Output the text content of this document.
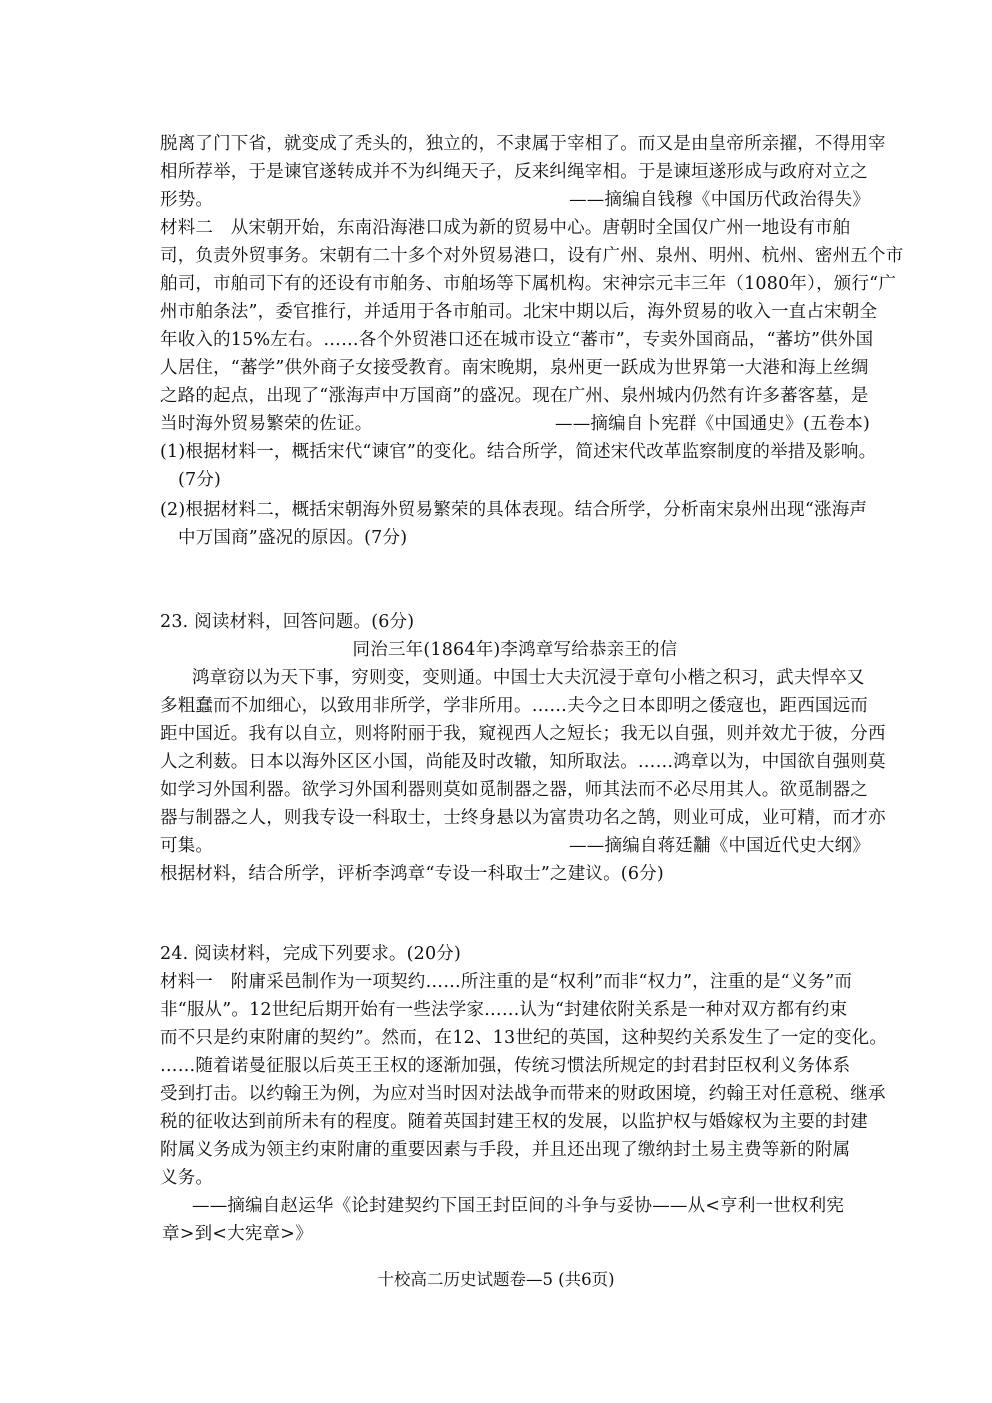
脱离了门下省，就变成了秃头的，独立的，不隶属于宰相了。而又是由皇帝所亲擢，不得用宰
相所荐举，于是谏官遂转成并不为纠绳天子，反来纠绳宰相。于是谏垣遂形成与政府对立之
形势。	——摘编自钱穆《中国历代政治得失》
材料二　从宋朝开始，东南沿海港口成为新的贸易中心。唐朝时全国仅广州一地设有市舶
司，负责外贸事务。宋朝有二十多个对外贸易港口，设有广州、泉州、明州、杭州、密州五个市
舶司，市舶司下有的还设有市舶务、市舶场等下属机构。宋神宗元丰三年（1080年），颁行“广
州市舶条法”，委官推行，并适用于各市舶司。北宋中期以后，海外贸易的收入一直占宋朝全
年收入的15%左右。……各个外贸港口还在城市设立“蕃市”，专卖外国商品，“蕃坊”供外国
人居住，“蕃学”供外商子女接受教育。南宋晚期，泉州更一跃成为世界第一大港和海上丝绸
之路的起点，出现了“涨海声中万国商”的盛况。现在广州、泉州城内仍然有许多蕃客墓，是
当时海外贸易繁荣的佐证。	——摘编自卜宪群《中国通史》(五卷本)
(1)根据材料一，概括宋代“谏官”的变化。结合所学，简述宋代改革监察制度的举措及影响。
(7分)
(2)根据材料二，概括宋朝海外贸易繁荣的具体表现。结合所学，分析南宋泉州出现“涨海声
中万国商”盛况的原因。(7分)
23. 阅读材料，回答问题。(6分)
同治三年(1864年)李鸿章写给恭亲王的信
鸿章窃以为天下事，穷则变，变则通。中国士大夫沉浸于章句小楷之积习，武夫悍卒又
多粗蠢而不加细心，以致用非所学，学非所用。……夫今之日本即明之倭寇也，距西国远而
距中国近。我有以自立，则将附丽于我，窥视西人之短长；我无以自强，则并效尤于彼，分西
人之利薮。日本以海外区区小国，尚能及时改辙，知所取法。……鸿章以为，中国欲自强则莫
如学习外国利器。欲学习外国利器则莫如觅制器之器，师其法而不必尽用其人。欲觅制器之
器与制器之人，则我专设一科取士，士终身悬以为富贵功名之鹄，则业可成，业可精，而才亦
可集。	——摘编自蒋廷黼《中国近代史大纲》
根据材料，结合所学，评析李鸿章“专设一科取士”之建议。(6分)
24. 阅读材料，完成下列要求。(20分)
材料一　附庸采邑制作为一项契约……所注重的是“权利”而非“权力”，注重的是“义务”而
非“服从”。12世纪后期开始有一些法学家……认为“封建依附关系是一种对双方都有约束
而不只是约束附庸的契约”。然而，在12、13世纪的英国，这种契约关系发生了一定的变化。
……随着诺曼征服以后英王王权的逐渐加强，传统习惯法所规定的封君封臣权利义务体系
受到打击。以约翰王为例，为应对当时因对法战争而带来的财政困境，约翰王对任意税、继承
税的征收达到前所未有的程度。随着英国封建王权的发展，以监护权与婚嫁权为主要的封建
附属义务成为领主约束附庸的重要因素与手段，并且还出现了缴纳封土易主费等新的附属
义务。
——摘编自赵运华《论封建契约下国王封臣间的斗争与妥协——从<亨利一世权利宪
章>到<大宪章>》
十校高二历史试题卷—5 (共6页)
